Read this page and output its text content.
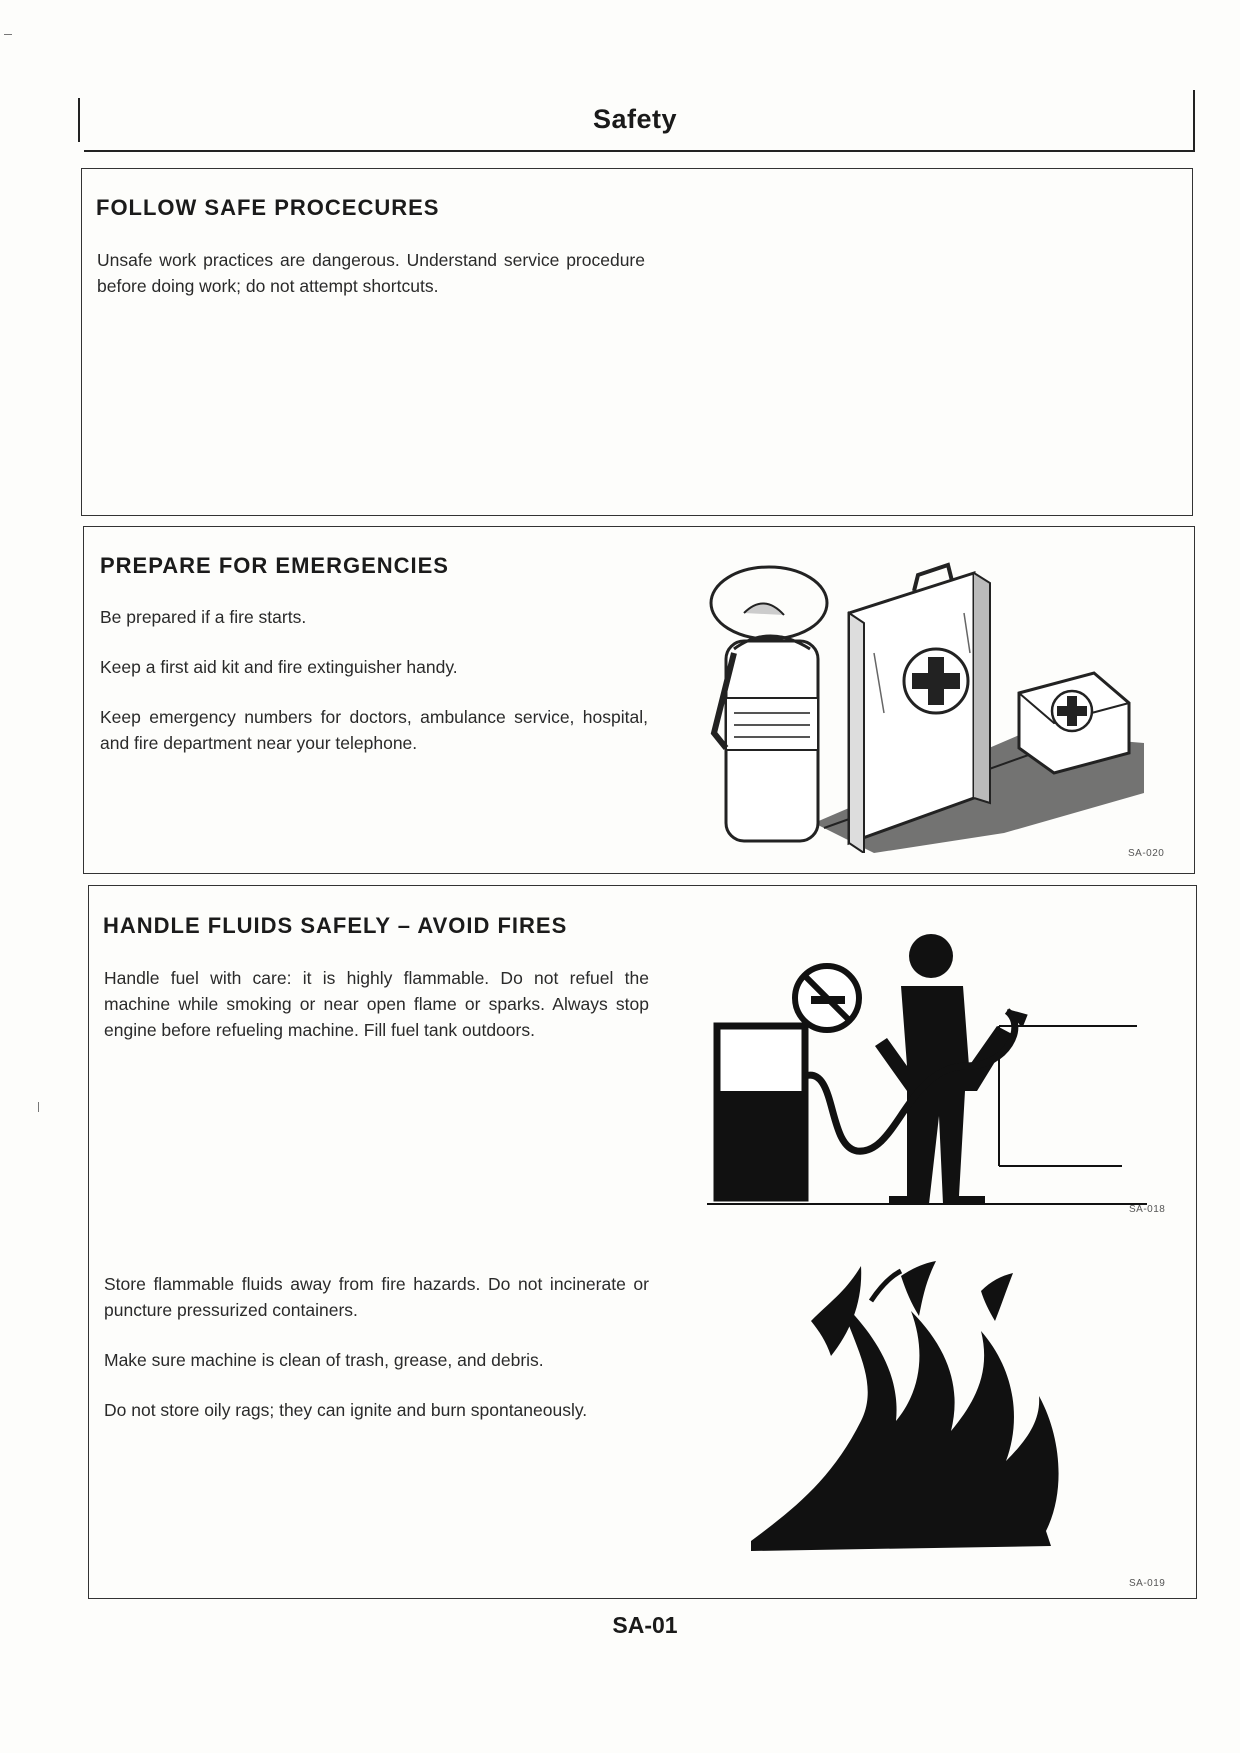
Safety
FOLLOW SAFE PROCECURES

Unsafe work practices are dangerous. Understand service procedure before doing work; do not attempt shortcuts.

PREPARE FOR EMERGENCIES

Be prepared if a fire starts.

Keep a first aid kit and fire extinguisher handy.

Keep emergency numbers for doctors, ambulance service, hospital, and fire department near your telephone.

SA-020
HANDLE FLUIDS SAFELY – AVOID FIRES

Handle fuel with care: it is highly flammable. Do not refuel the machine while smoking or near open flame or sparks. Always stop engine before refueling machine. Fill fuel tank outdoors.

SA-018

Store flammable fluids away from fire hazards. Do not incinerate or puncture pressurized containers.

Make sure machine is clean of trash, grease, and debris.

Do not store oily rags; they can ignite and burn spontaneously.

SA-019
SA-01
